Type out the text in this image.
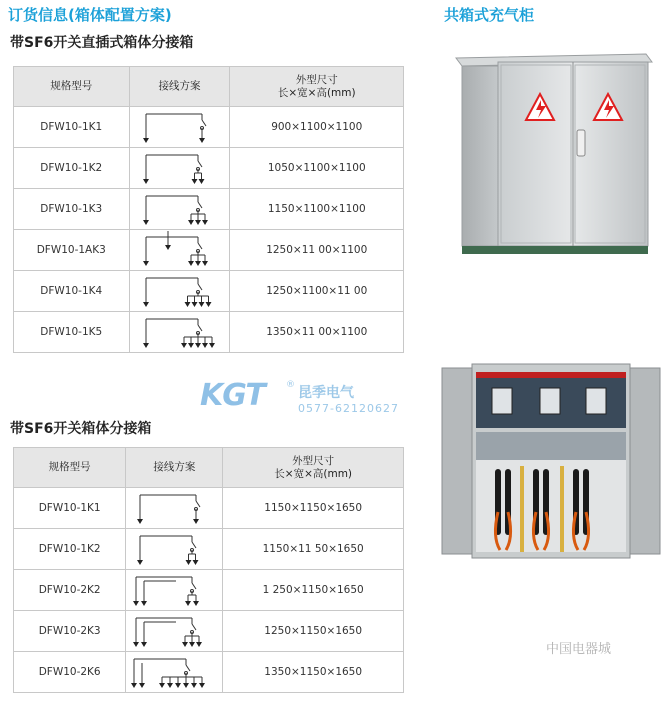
订货信息(箱体配置方案)	共箱式充气柜
带SF6开关直插式箱体分接箱
规格型号	接线方案	外型尺寸
长×宽×高(mm)

DFW10-1K1		900×1100×1100
DFW10-1K2		1050×1100×1100
DFW10-1K3		1150×1100×1100
DFW10-1AK3		1250×11 00×1100
DFW10-1K4		1250×1100×11 00
DFW10-1K5		1350×11 00×1100
带SF6开关箱体分接箱
规格型号	接线方案	外型尺寸
长×宽×高(mm)

DFW10-1K1		1150×1150×1650
DFW10-1K2		1150×11 50×1650
DFW10-2K2		1 250×1150×1650
DFW10-2K3		1250×1150×1650
DFW10-2K6		1350×1150×1650
KGT ® 昆季电气
0577-62120627
中国电器城
